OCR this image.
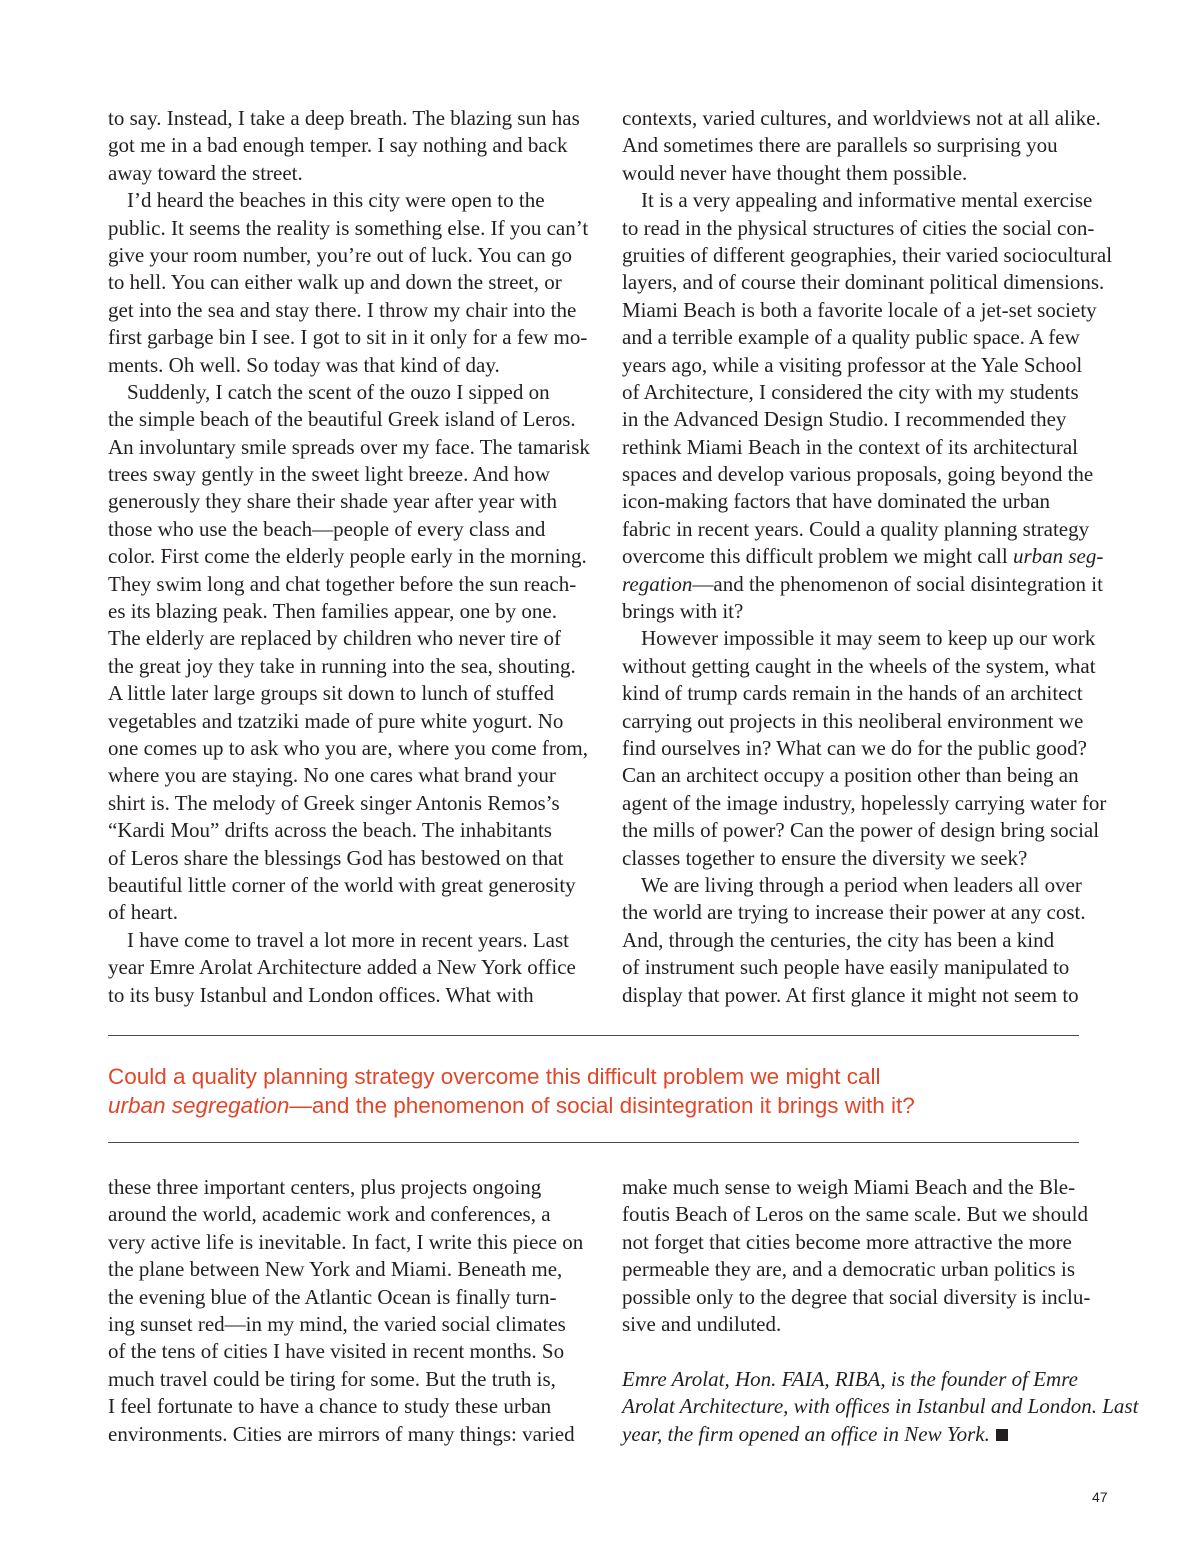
to say. Instead, I take a deep breath. The blazing sun has
got me in a bad enough temper. I say nothing and back
away toward the street.
I’d heard the beaches in this city were open to the
public. It seems the reality is something else. If you can’t
give your room number, you’re out of luck. You can go
to hell. You can either walk up and down the street, or
get into the sea and stay there. I throw my chair into the
first garbage bin I see. I got to sit in it only for a few mo-
ments. Oh well. So today was that kind of day.
Suddenly, I catch the scent of the ouzo I sipped on
the simple beach of the beautiful Greek island of Leros.
An involuntary smile spreads over my face. The tamarisk
trees sway gently in the sweet light breeze. And how
generously they share their shade year after year with
those who use the beach—people of every class and
color. First come the elderly people early in the morning.
They swim long and chat together before the sun reach-
es its blazing peak. Then families appear, one by one.
The elderly are replaced by children who never tire of
the great joy they take in running into the sea, shouting.
A little later large groups sit down to lunch of stuffed
vegetables and tzatziki made of pure white yogurt. No
one comes up to ask who you are, where you come from,
where you are staying. No one cares what brand your
shirt is. The melody of Greek singer Antonis Remos’s
“Kardi Mou” drifts across the beach. The inhabitants
of Leros share the blessings God has bestowed on that
beautiful little corner of the world with great generosity
of heart.
I have come to travel a lot more in recent years. Last
year Emre Arolat Architecture added a New York office
to its busy Istanbul and London offices. What with
contexts, varied cultures, and worldviews not at all alike.
And sometimes there are parallels so surprising you
would never have thought them possible.
It is a very appealing and informative mental exercise
to read in the physical structures of cities the social con-
gruities of different geographies, their varied sociocultural
layers, and of course their dominant political dimensions.
Miami Beach is both a favorite locale of a jet-set society
and a terrible example of a quality public space. A few
years ago, while a visiting professor at the Yale School
of Architecture, I considered the city with my students
in the Advanced Design Studio. I recommended they
rethink Miami Beach in the context of its architectural
spaces and develop various proposals, going beyond the
icon-making factors that have dominated the urban
fabric in recent years. Could a quality planning strategy
overcome this difficult problem we might call urban seg-
regation—and the phenomenon of social disintegration it
brings with it?
However impossible it may seem to keep up our work
without getting caught in the wheels of the system, what
kind of trump cards remain in the hands of an architect
carrying out projects in this neoliberal environment we
find ourselves in? What can we do for the public good?
Can an architect occupy a position other than being an
agent of the image industry, hopelessly carrying water for
the mills of power? Can the power of design bring social
classes together to ensure the diversity we seek?
We are living through a period when leaders all over
the world are trying to increase their power at any cost.
And, through the centuries, the city has been a kind
of instrument such people have easily manipulated to
display that power. At first glance it might not seem to
Could a quality planning strategy overcome this difficult problem we might call
urban segregation—and the phenomenon of social disintegration it brings with it?
these three important centers, plus projects ongoing
around the world, academic work and conferences, a
very active life is inevitable. In fact, I write this piece on
the plane between New York and Miami. Beneath me,
the evening blue of the Atlantic Ocean is finally turn-
ing sunset red—in my mind, the varied social climates
of the tens of cities I have visited in recent months. So
much travel could be tiring for some. But the truth is,
I feel fortunate to have a chance to study these urban
environments. Cities are mirrors of many things: varied
make much sense to weigh Miami Beach and the Ble-
foutis Beach of Leros on the same scale. But we should
not forget that cities become more attractive the more
permeable they are, and a democratic urban politics is
possible only to the degree that social diversity is inclu-
sive and undiluted.
Emre Arolat, Hon. FAIA, RIBA, is the founder of Emre
Arolat Architecture, with offices in Istanbul and London. Last
year, the firm opened an office in New York.
47
